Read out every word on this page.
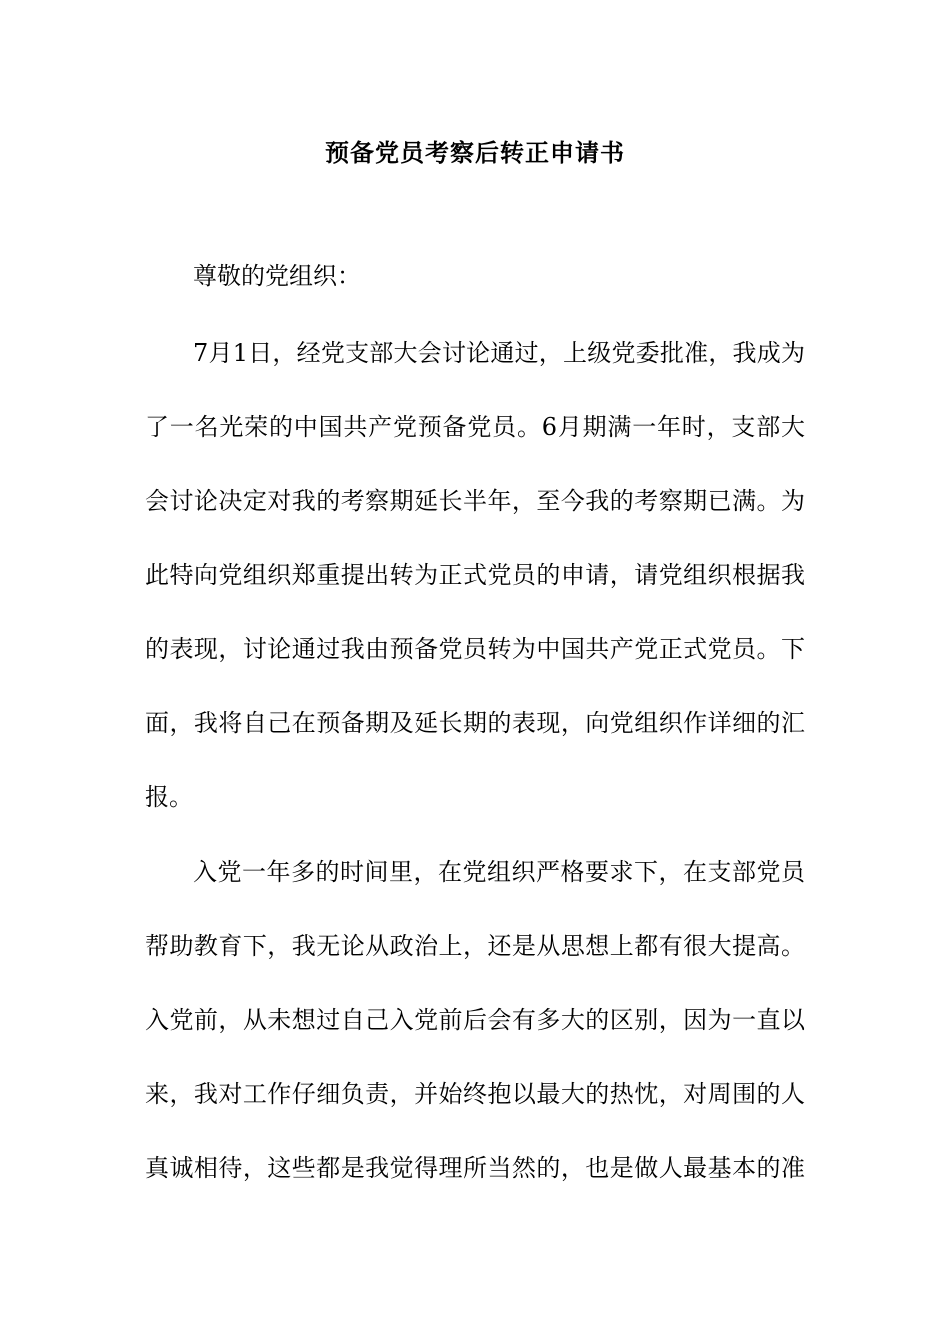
预备党员考察后转正申请书
尊敬的党组织：
7月1日，经党支部大会讨论通过，上级党委批准，我成为
了一名光荣的中国共产党预备党员。6月期满一年时，支部大
会讨论决定对我的考察期延长半年，至今我的考察期已满。为
此特向党组织郑重提出转为正式党员的申请，请党组织根据我
的表现，讨论通过我由预备党员转为中国共产党正式党员。下
面，我将自己在预备期及延长期的表现，向党组织作详细的汇
报。
入党一年多的时间里，在党组织严格要求下，在支部党员
帮助教育下，我无论从政治上，还是从思想上都有很大提高。
入党前，从未想过自己入党前后会有多大的区别，因为一直以
来，我对工作仔细负责，并始终抱以最大的热忱，对周围的人
真诚相待，这些都是我觉得理所当然的，也是做人最基本的准
